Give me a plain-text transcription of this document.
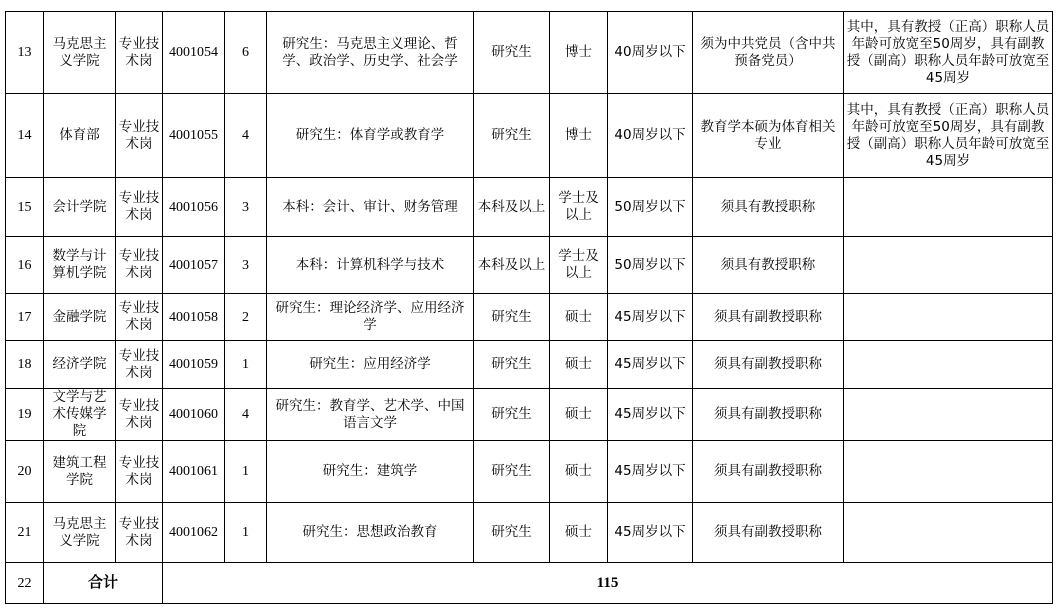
13	马克思主义学院	专业技术岗	4001054	6	研究生：马克思主义理论、哲学、政治学、历史学、社会学	研究生	博士	40周岁以下	须为中共党员（含中共预备党员）	其中，具有教授（正高）职称人员年龄可放宽至50周岁，具有副教授（副高）职称人员年龄可放宽至45周岁
14	体育部	专业技术岗	4001055	4	研究生：体育学或教育学	研究生	博士	40周岁以下	教育学本硕为体育相关专业	其中，具有教授（正高）职称人员年龄可放宽至50周岁，具有副教授（副高）职称人员年龄可放宽至45周岁
15	会计学院	专业技术岗	4001056	3	本科：会计、审计、财务管理	本科及以上	学士及以上	50周岁以下	须具有教授职称	
16	数学与计算机学院	专业技术岗	4001057	3	本科：计算机科学与技术	本科及以上	学士及以上	50周岁以下	须具有教授职称	
17	金融学院	专业技术岗	4001058	2	研究生：理论经济学、应用经济学	研究生	硕士	45周岁以下	须具有副教授职称	
18	经济学院	专业技术岗	4001059	1	研究生：应用经济学	研究生	硕士	45周岁以下	须具有副教授职称	
19	文学与艺术传媒学院	专业技术岗	4001060	4	研究生：教育学、艺术学、中国语言文学	研究生	硕士	45周岁以下	须具有副教授职称	
20	建筑工程学院	专业技术岗	4001061	1	研究生：建筑学	研究生	硕士	45周岁以下	须具有副教授职称	
21	马克思主义学院	专业技术岗	4001062	1	研究生：思想政治教育	研究生	硕士	45周岁以下	须具有副教授职称	
22	合计		115							
